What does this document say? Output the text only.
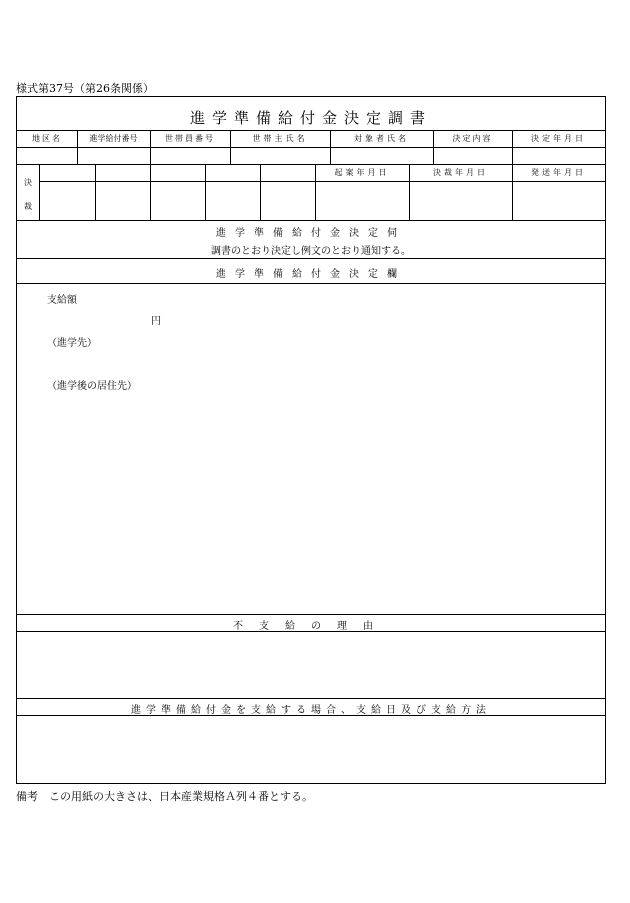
様式第37号（第26条関係）
進学準備給付金決定調書
地区名	進学給付番号	世帯員番号	世帯主氏名	対象者氏名	決定内容	決定年月日
決
裁
起案年月日	決裁年月日	発送年月日
進学準備給付金決定伺
調書のとおり決定し例文のとおり通知する。
進学準備給付金決定欄
支給額
円
（進学先）
（進学後の居住先）
不支給の理由
進学準備給付金を支給する場合、支給日及び支給方法
備考　この用紙の大きさは、日本産業規格Ａ列４番とする。
